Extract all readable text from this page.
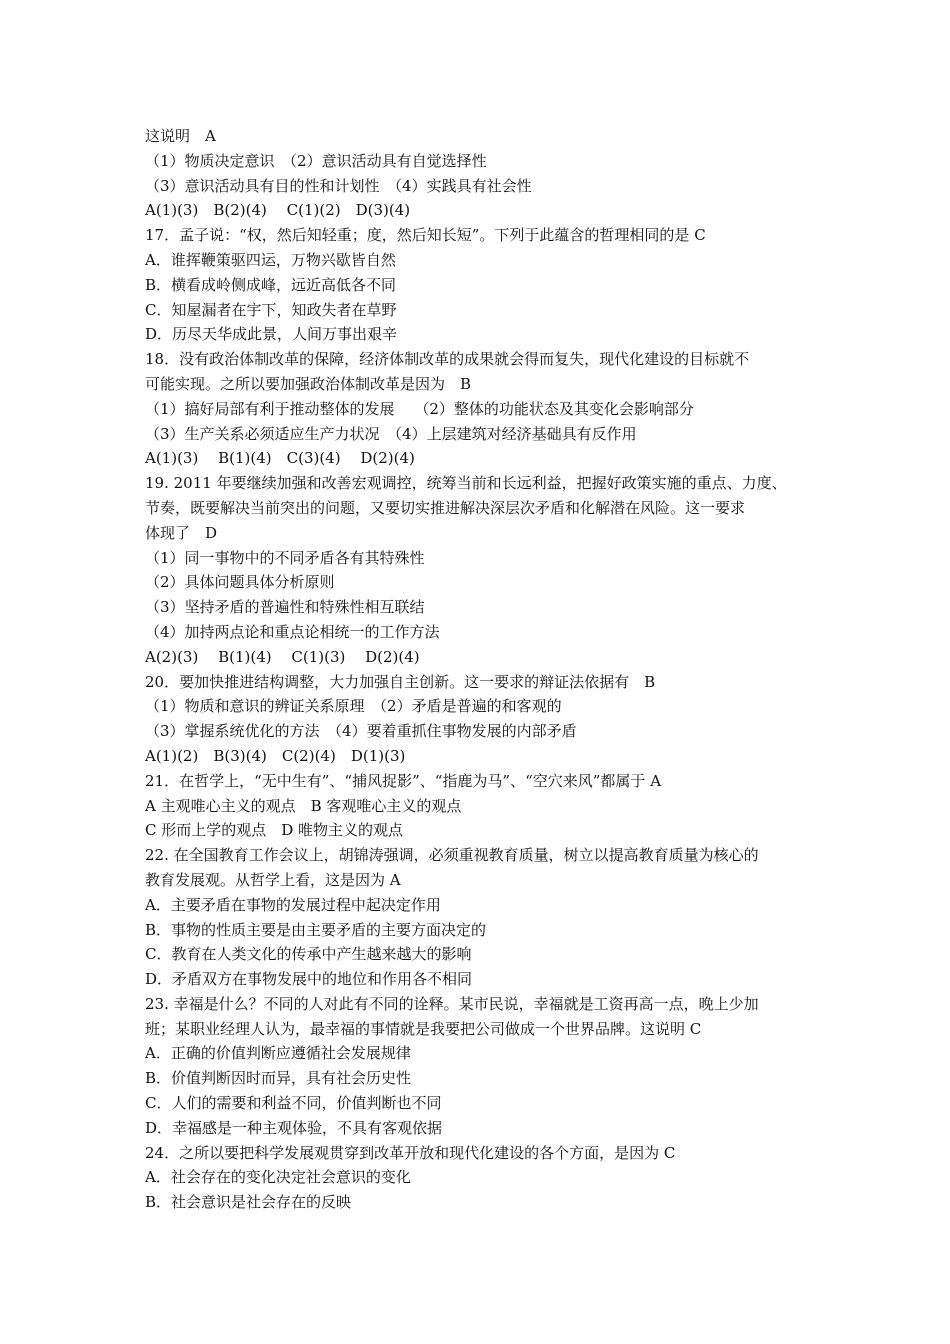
这说明　A
（1）物质决定意识　（2）意识活动具有自觉选择性
（3）意识活动具有目的性和计划性　（4）实践具有社会性
A(1)(3)　B(2)(4)　 C(1)(2)　D(3)(4)
17．孟子说：“权，然后知轻重；度，然后知长短”。下列于此蕴含的哲理相同的是 C
A．谁挥鞭策驱四运，万物兴歇皆自然
B．横看成岭侧成峰，远近高低各不同
C．知屋漏者在宇下，知政失者在草野
D．历尽天华成此景，人间万事出艰辛
18．没有政治体制改革的保障，经济体制改革的成果就会得而复失，现代化建设的目标就不
可能实现。之所以要加强政治体制改革是因为　B
（1）搞好局部有利于推动整体的发展　 （2）整体的功能状态及其变化会影响部分
（3）生产关系必须适应生产力状况　（4）上层建筑对经济基础具有反作用
A(1)(3)　 B(1)(4)　C(3)(4)　 D(2)(4)
19. 2011 年要继续加强和改善宏观调控，统筹当前和长远利益，把握好政策实施的重点、力度、
节奏，既要解决当前突出的问题，又要切实推进解决深层次矛盾和化解潜在风险。这一要求
体现了　D
（1）同一事物中的不同矛盾各有其特殊性
（2）具体问题具体分析原则
（3）坚持矛盾的普遍性和特殊性相互联结
（4）加持两点论和重点论相统一的工作方法
A(2)(3)　 B(1)(4)　 C(1)(3)　 D(2)(4)
20．要加快推进结构调整，大力加强自主创新。这一要求的辩证法依据有　B
（1）物质和意识的辨证关系原理　（2）矛盾是普遍的和客观的
（3）掌握系统优化的方法　（4）要着重抓住事物发展的内部矛盾
A(1)(2)　B(3)(4)　C(2)(4)　D(1)(3)
21．在哲学上，“无中生有”、“捕风捉影”、“指鹿为马”、“空穴来风”都属于 A
A 主观唯心主义的观点　B 客观唯心主义的观点
C 形而上学的观点　D 唯物主义的观点
22. 在全国教育工作会议上，胡锦涛强调，必须重视教育质量，树立以提高教育质量为核心的
教育发展观。从哲学上看，这是因为 A
A．主要矛盾在事物的发展过程中起决定作用
B．事物的性质主要是由主要矛盾的主要方面决定的
C．教育在人类文化的传承中产生越来越大的影响
D．矛盾双方在事物发展中的地位和作用各不相同
23. 幸福是什么？不同的人对此有不同的诠释。某市民说，幸福就是工资再高一点，晚上少加
班；某职业经理人认为，最幸福的事情就是我要把公司做成一个世界品牌。这说明 C
A．正确的价值判断应遵循社会发展规律
B．价值判断因时而异，具有社会历史性
C．人们的需要和利益不同，价值判断也不同
D．幸福感是一种主观体验，不具有客观依据
24．之所以要把科学发展观贯穿到改革开放和现代化建设的各个方面，是因为 C
A．社会存在的变化决定社会意识的变化
B．社会意识是社会存在的反映
